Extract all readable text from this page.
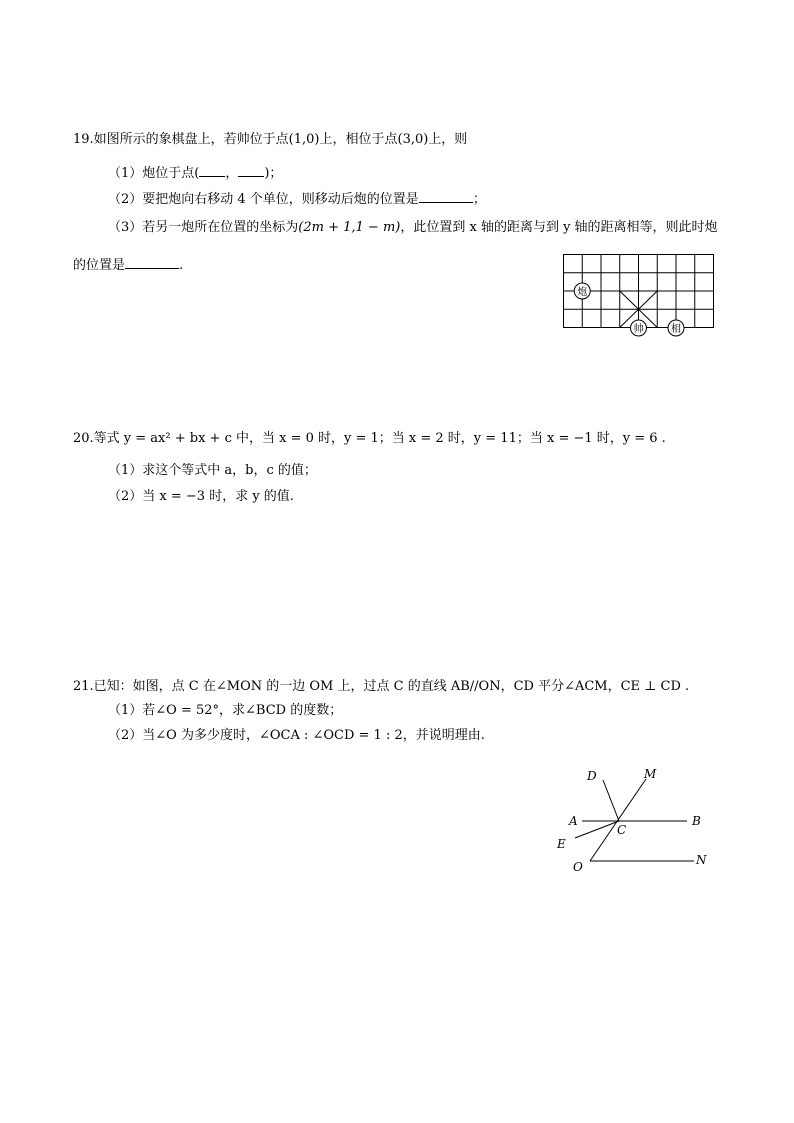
19.如图所示的象棋盘上，若帅位于点(1,0)上，相位于点(3,0)上，则
（1）炮位于点( ， )；
（2）要把炮向右移动 4 个单位，则移动后炮的位置是	；
（3）若另一炮所在位置的坐标为(2m + 1,1 − m)，此位置到 x 轴的距离与到 y 轴的距离相等，则此时炮
的位置是	.
炮
帅	相
20.等式 y = ax² + bx + c 中，当 x = 0 时，y = 1；当 x = 2 时，y = 11；当 x = −1 时，y = 6 .
（1）求这个等式中 a，b，c 的值；
（2）当 x = −3 时，求 y 的值.
21.已知：如图，点 C 在∠MON 的一边 OM 上，过点 C 的直线 AB//ON，CD 平分∠ACM，CE ⊥ CD .
（1）若∠O = 52°，求∠BCD 的度数；
（2）当∠O 为多少度时，∠OCA : ∠OCD = 1 : 2，并说明理由.
D	M
A
C
B
E
O	N
